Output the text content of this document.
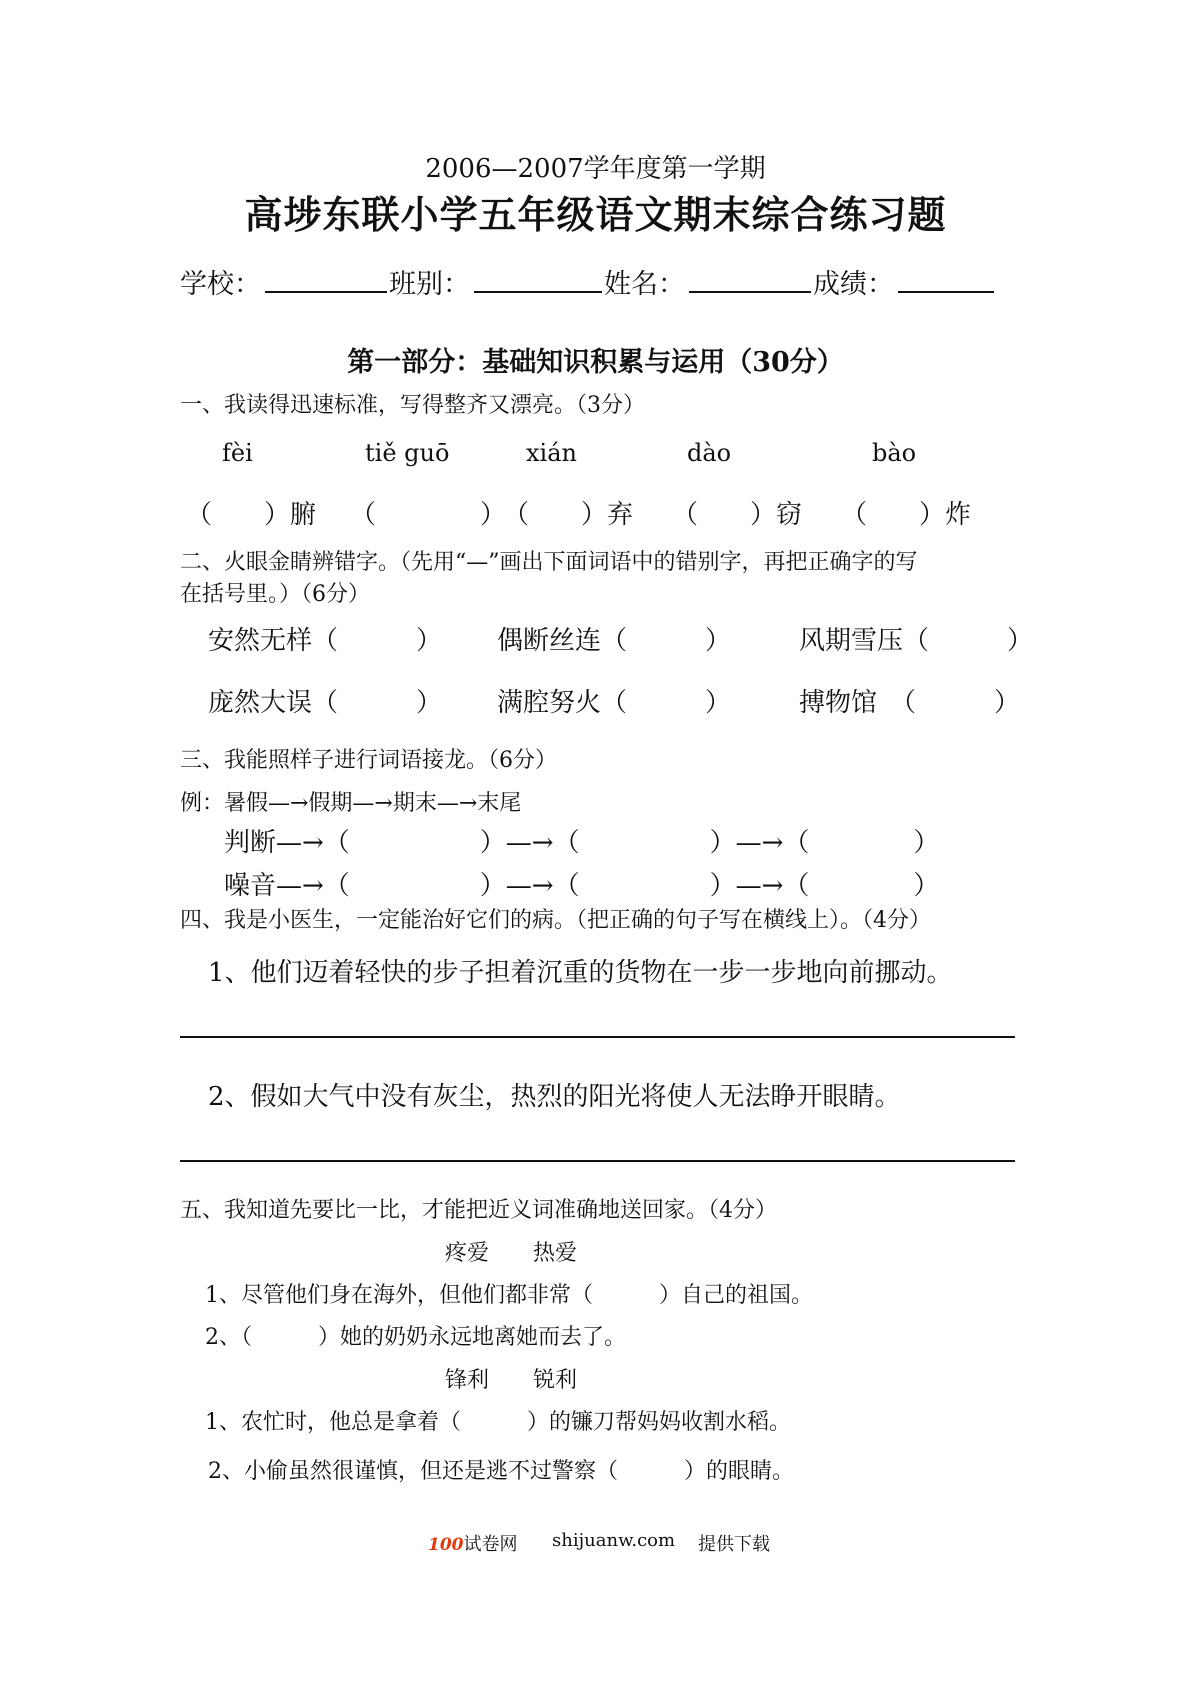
2006—2007学年度第一学期
高埗东联小学五年级语文期末综合练习题
学校：	班别：	姓名：	成绩：
第一部分：基础知识积累与运用（30分）
一、我读得迅速标准，写得整齐又漂亮。（3分）
fèi	tiě guō	xián	dào	bào
（　　）腑 （　　　　）
（　　）弃 （　　）窃 （　　）炸
二、火眼金睛辨错字。（先用“—”画出下面词语中的错别字，再把正确字的写
在括号里。）（6分）
安然无样（　　　） 偶断丝连（　　　）	风期雪压（　　　）
庞然大误（　　　） 满腔努火（　　　）	搏物馆　（　　　）
三、我能照样子进行词语接龙。（6分）
例：暑假—→假期—→期末—→末尾
判断—→（　　　　　）—→（　　　　　）—→（　　　　）
噪音—→（　　　　　）—→（　　　　　）—→（　　　　）
四、我是小医生，一定能治好它们的病。（把正确的句子写在横线上）。（4分）
1、他们迈着轻快的步子担着沉重的货物在一步一步地向前挪动。
2、假如大气中没有灰尘，热烈的阳光将使人无法睁开眼睛。
五、我知道先要比一比，才能把近义词准确地送回家。（4分）
疼爱　　热爱
1、尽管他们身在海外，但他们都非常（　　　）自己的祖国。
2、（　　　）她的奶奶永远地离她而去了。
锋利　　锐利
1、农忙时，他总是拿着（　　　）的镰刀帮妈妈收割水稻。
2、小偷虽然很谨慎，但还是逃不过警察（　　　）的眼睛。
100试卷网 shijuanw.com 提供下载
